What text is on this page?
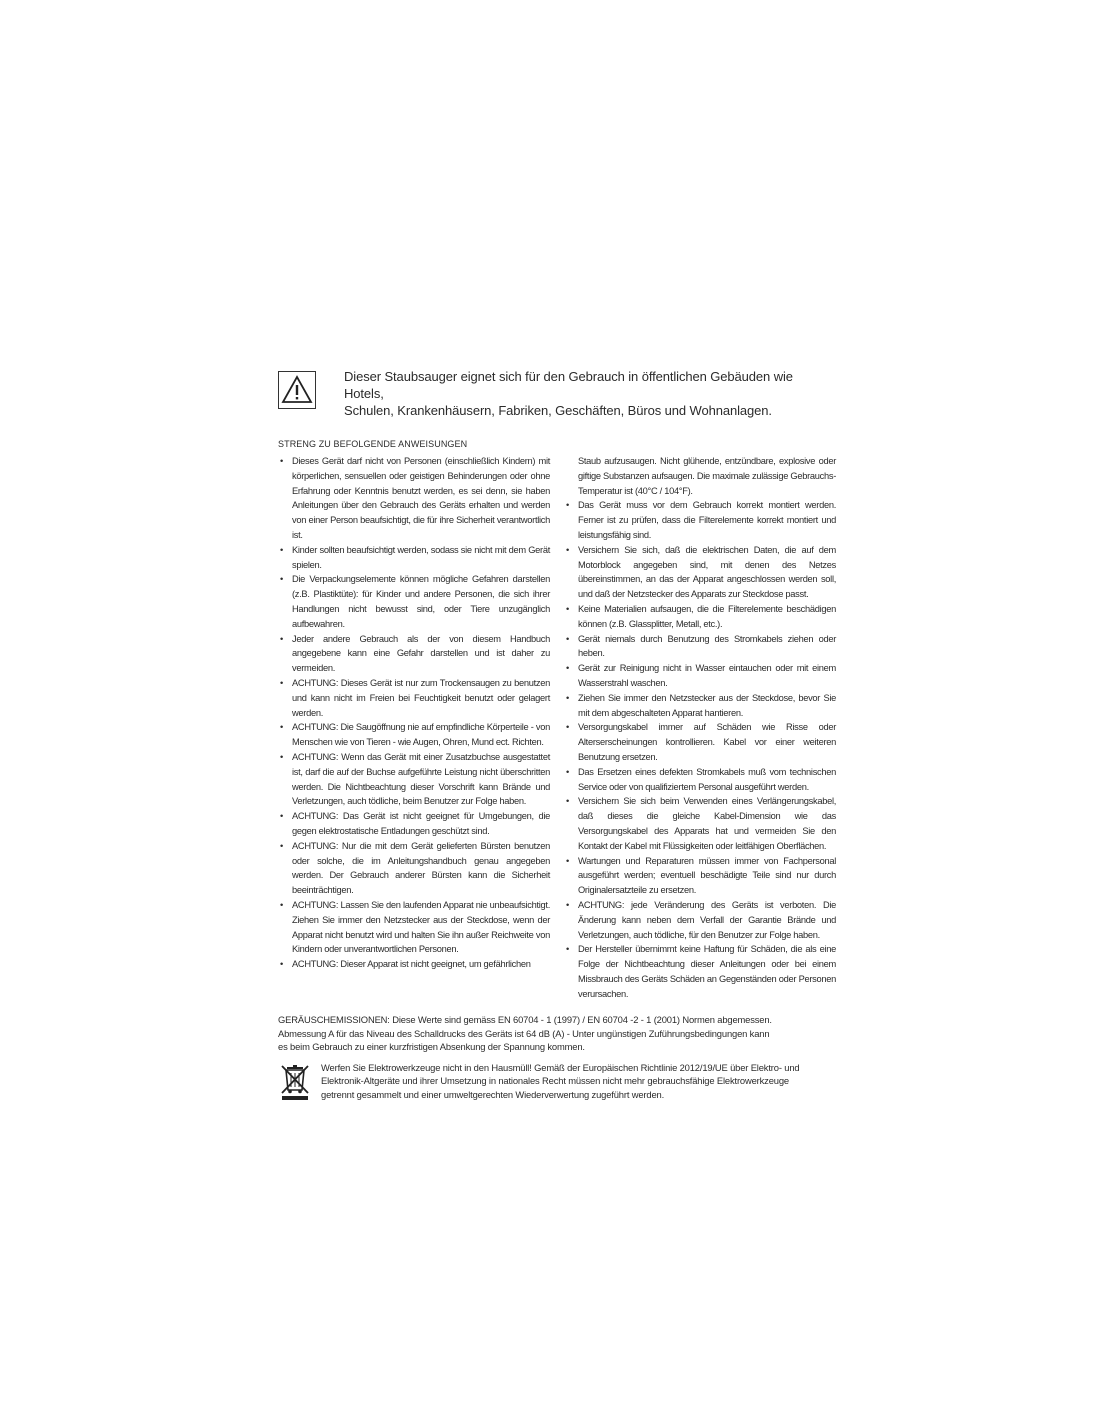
Dieser Staubsauger eignet sich für den Gebrauch in öffentlichen Gebäuden wie Hotels,

Schulen, Krankenhäusern, Fabriken, Geschäften, Büros und Wohnanlagen.

STRENG ZU BEFOLGENDE ANWEISUNGEN
• Dieses Gerät darf nicht von Personen (einschließlich Kindern) mit körperlichen, sensuellen oder geistigen Behinderungen oder ohne Erfahrung oder Kenntnis benutzt werden, es sei denn, sie haben Anleitungen über den Gebrauch des Geräts erhalten und werden von einer Person beaufsichtigt, die für ihre Sicherheit verantwortlich ist.
• Kinder sollten beaufsichtigt werden, sodass sie nicht mit dem Gerät spielen.
• Die Verpackungselemente können mögliche Gefahren darstellen (z.B. Plastiktüte): für Kinder und andere Personen, die sich ihrer Handlungen nicht bewusst sind, oder Tiere unzugänglich aufbewahren.
• Jeder andere Gebrauch als der von diesem Handbuch angegebene kann eine Gefahr darstellen und ist daher zu vermeiden.
• ACHTUNG: Dieses Gerät ist nur zum Trockensaugen zu benutzen und kann nicht im Freien bei Feuchtigkeit benutzt oder gelagert werden.
• ACHTUNG: Die Saugöffnung nie auf empfindliche Körperteile - von Menschen wie von Tieren - wie Augen, Ohren, Mund ect. Richten.
• ACHTUNG: Wenn das Gerät mit einer Zusatzbuchse ausgestattet ist, darf die auf der Buchse aufgeführte Leistung nicht überschritten werden. Die Nichtbeachtung dieser Vorschrift kann Brände und Verletzungen, auch tödliche, beim Benutzer zur Folge haben.
• ACHTUNG: Das Gerät ist nicht geeignet für Umgebungen, die gegen elektrostatische Entladungen geschützt sind.
• ACHTUNG: Nur die mit dem Gerät gelieferten Bürsten benutzen oder solche, die im Anleitungshandbuch genau angegeben werden. Der Gebrauch anderer Bürsten kann die Sicherheit beeinträchtigen.
• ACHTUNG: Lassen Sie den laufenden Apparat nie unbeaufsichtigt. Ziehen Sie immer den Netzstecker aus der Steckdose, wenn der Apparat nicht benutzt wird und halten Sie ihn außer Reichweite von Kindern oder unverantwortlichen Personen.
• ACHTUNG: Dieser Apparat ist nicht geeignet, um gefährlichen
Staub aufzusaugen. Nicht glühende, entzündbare, explosive oder giftige Substanzen aufsaugen. Die maximale zulässige Gebrauchs-Temperatur ist (40°C / 104°F).
• Das Gerät muss vor dem Gebrauch korrekt montiert werden. Ferner ist zu prüfen, dass die Filterelemente korrekt montiert und leistungsfähig sind.
• Versichern Sie sich, daß die elektrischen Daten, die auf dem Motorblock angegeben sind, mit denen des Netzes übereinstimmen, an das der Apparat angeschlossen werden soll, und daß der Netzstecker des Apparats zur Steckdose passt.
• Keine Materialien aufsaugen, die die Filterelemente beschädigen können (z.B. Glassplitter, Metall, etc.).
• Gerät niemals durch Benutzung des Stromkabels ziehen oder heben.
• Gerät zur Reinigung nicht in Wasser eintauchen oder mit einem Wasserstrahl waschen.
• Ziehen Sie immer den Netzstecker aus der Steckdose, bevor Sie mit dem abgeschalteten Apparat hantieren.
• Versorgungskabel immer auf Schäden wie Risse oder Alterserscheinungen kontrollieren. Kabel vor einer weiteren Benutzung ersetzen.
• Das Ersetzen eines defekten Stromkabels muß vom technischen Service oder von qualifiziertem Personal ausgeführt werden.
• Versichern Sie sich beim Verwenden eines Verlängerungskabel, daß dieses die gleiche Kabel-Dimension wie das Versorgungskabel des Apparats hat und vermeiden Sie den Kontakt der Kabel mit Flüssigkeiten oder leitfähigen Oberflächen.
• Wartungen und Reparaturen müssen immer von Fachpersonal ausgeführt werden; eventuell beschädigte Teile sind nur durch Originalersatzteile zu ersetzen.
• ACHTUNG: jede Veränderung des Geräts ist verboten. Die Änderung kann neben dem Verfall der Garantie Brände und Verletzungen, auch tödliche, für den Benutzer zur Folge haben.
• Der Hersteller übernimmt keine Haftung für Schäden, die als eine Folge der Nichtbeachtung dieser Anleitungen oder bei einem Missbrauch des Geräts Schäden an Gegenständen oder Personen verursachen.

GERÄUSCHEMISSIONEN: Diese Werte sind gemäss EN 60704 - 1 (1997) / EN 60704 -2 - 1 (2001) Normen abgemessen.

Abmessung A für das Niveau des Schalldrucks des Geräts ist 64 dB (A) - Unter ungünstigen Zuführungsbedingungen kann

es beim Gebrauch zu einer kurzfristigen Absenkung der Spannung kommen.

Werfen Sie Elektrowerkzeuge nicht in den Hausmüll! Gemäß der Europäischen Richtlinie 2012/19/UE über Elektro- und

Elektronik-Altgeräte und ihrer Umsetzung in nationales Recht müssen nicht mehr gebrauchsfähige Elektrowerkzeuge

getrennt gesammelt und einer umweltgerechten Wiederverwertung zugeführt werden.
